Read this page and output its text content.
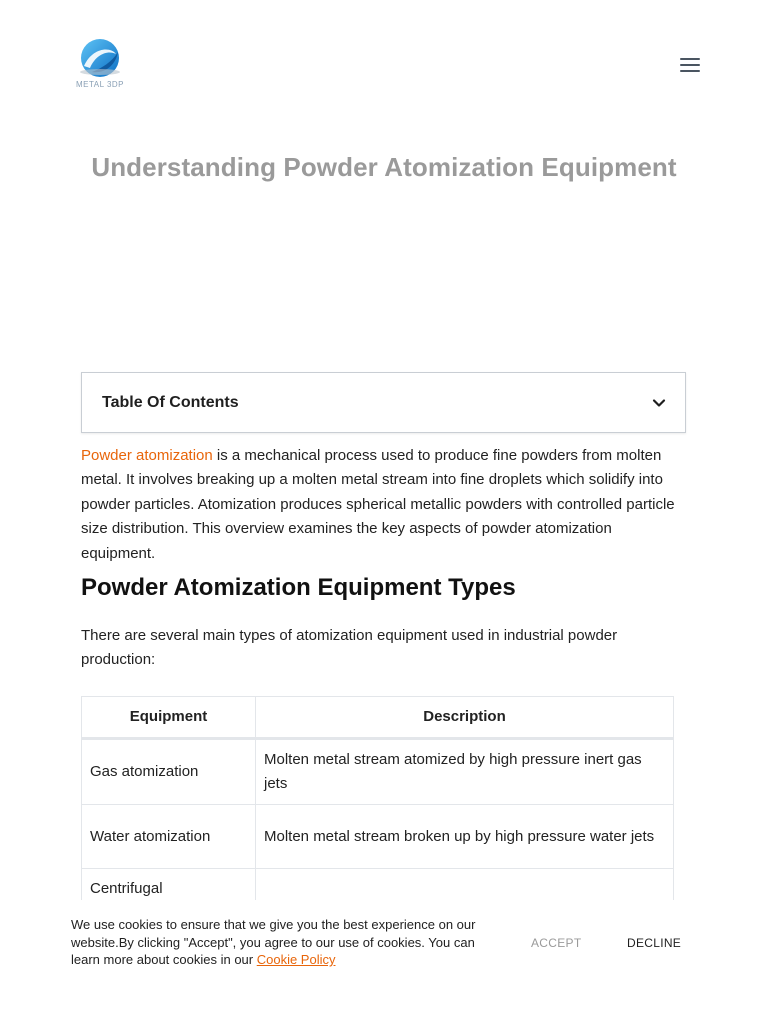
METAL 3DP
Understanding Powder Atomization Equipment
Table Of Contents

Powder atomization is a mechanical process used to produce fine powders from molten metal. It involves breaking up a molten metal stream into fine droplets which solidify into powder particles. Atomization produces spherical metallic powders with controlled particle size distribution. This overview examines the key aspects of powder atomization equipment.

Powder Atomization Equipment Types

There are several main types of atomization equipment used in industrial powder production:

Equipment	Description
Gas atomization	Molten metal stream atomized by high pressure inert gas jets
Water atomization	Molten metal stream broken up by high pressure water jets
Centrifugal	
We use cookies to ensure that we give you the best experience on our website.By clicking "Accept", you agree to our use of cookies. You can learn more about cookies in our Cookie Policy
ACCEPT	DECLINE
